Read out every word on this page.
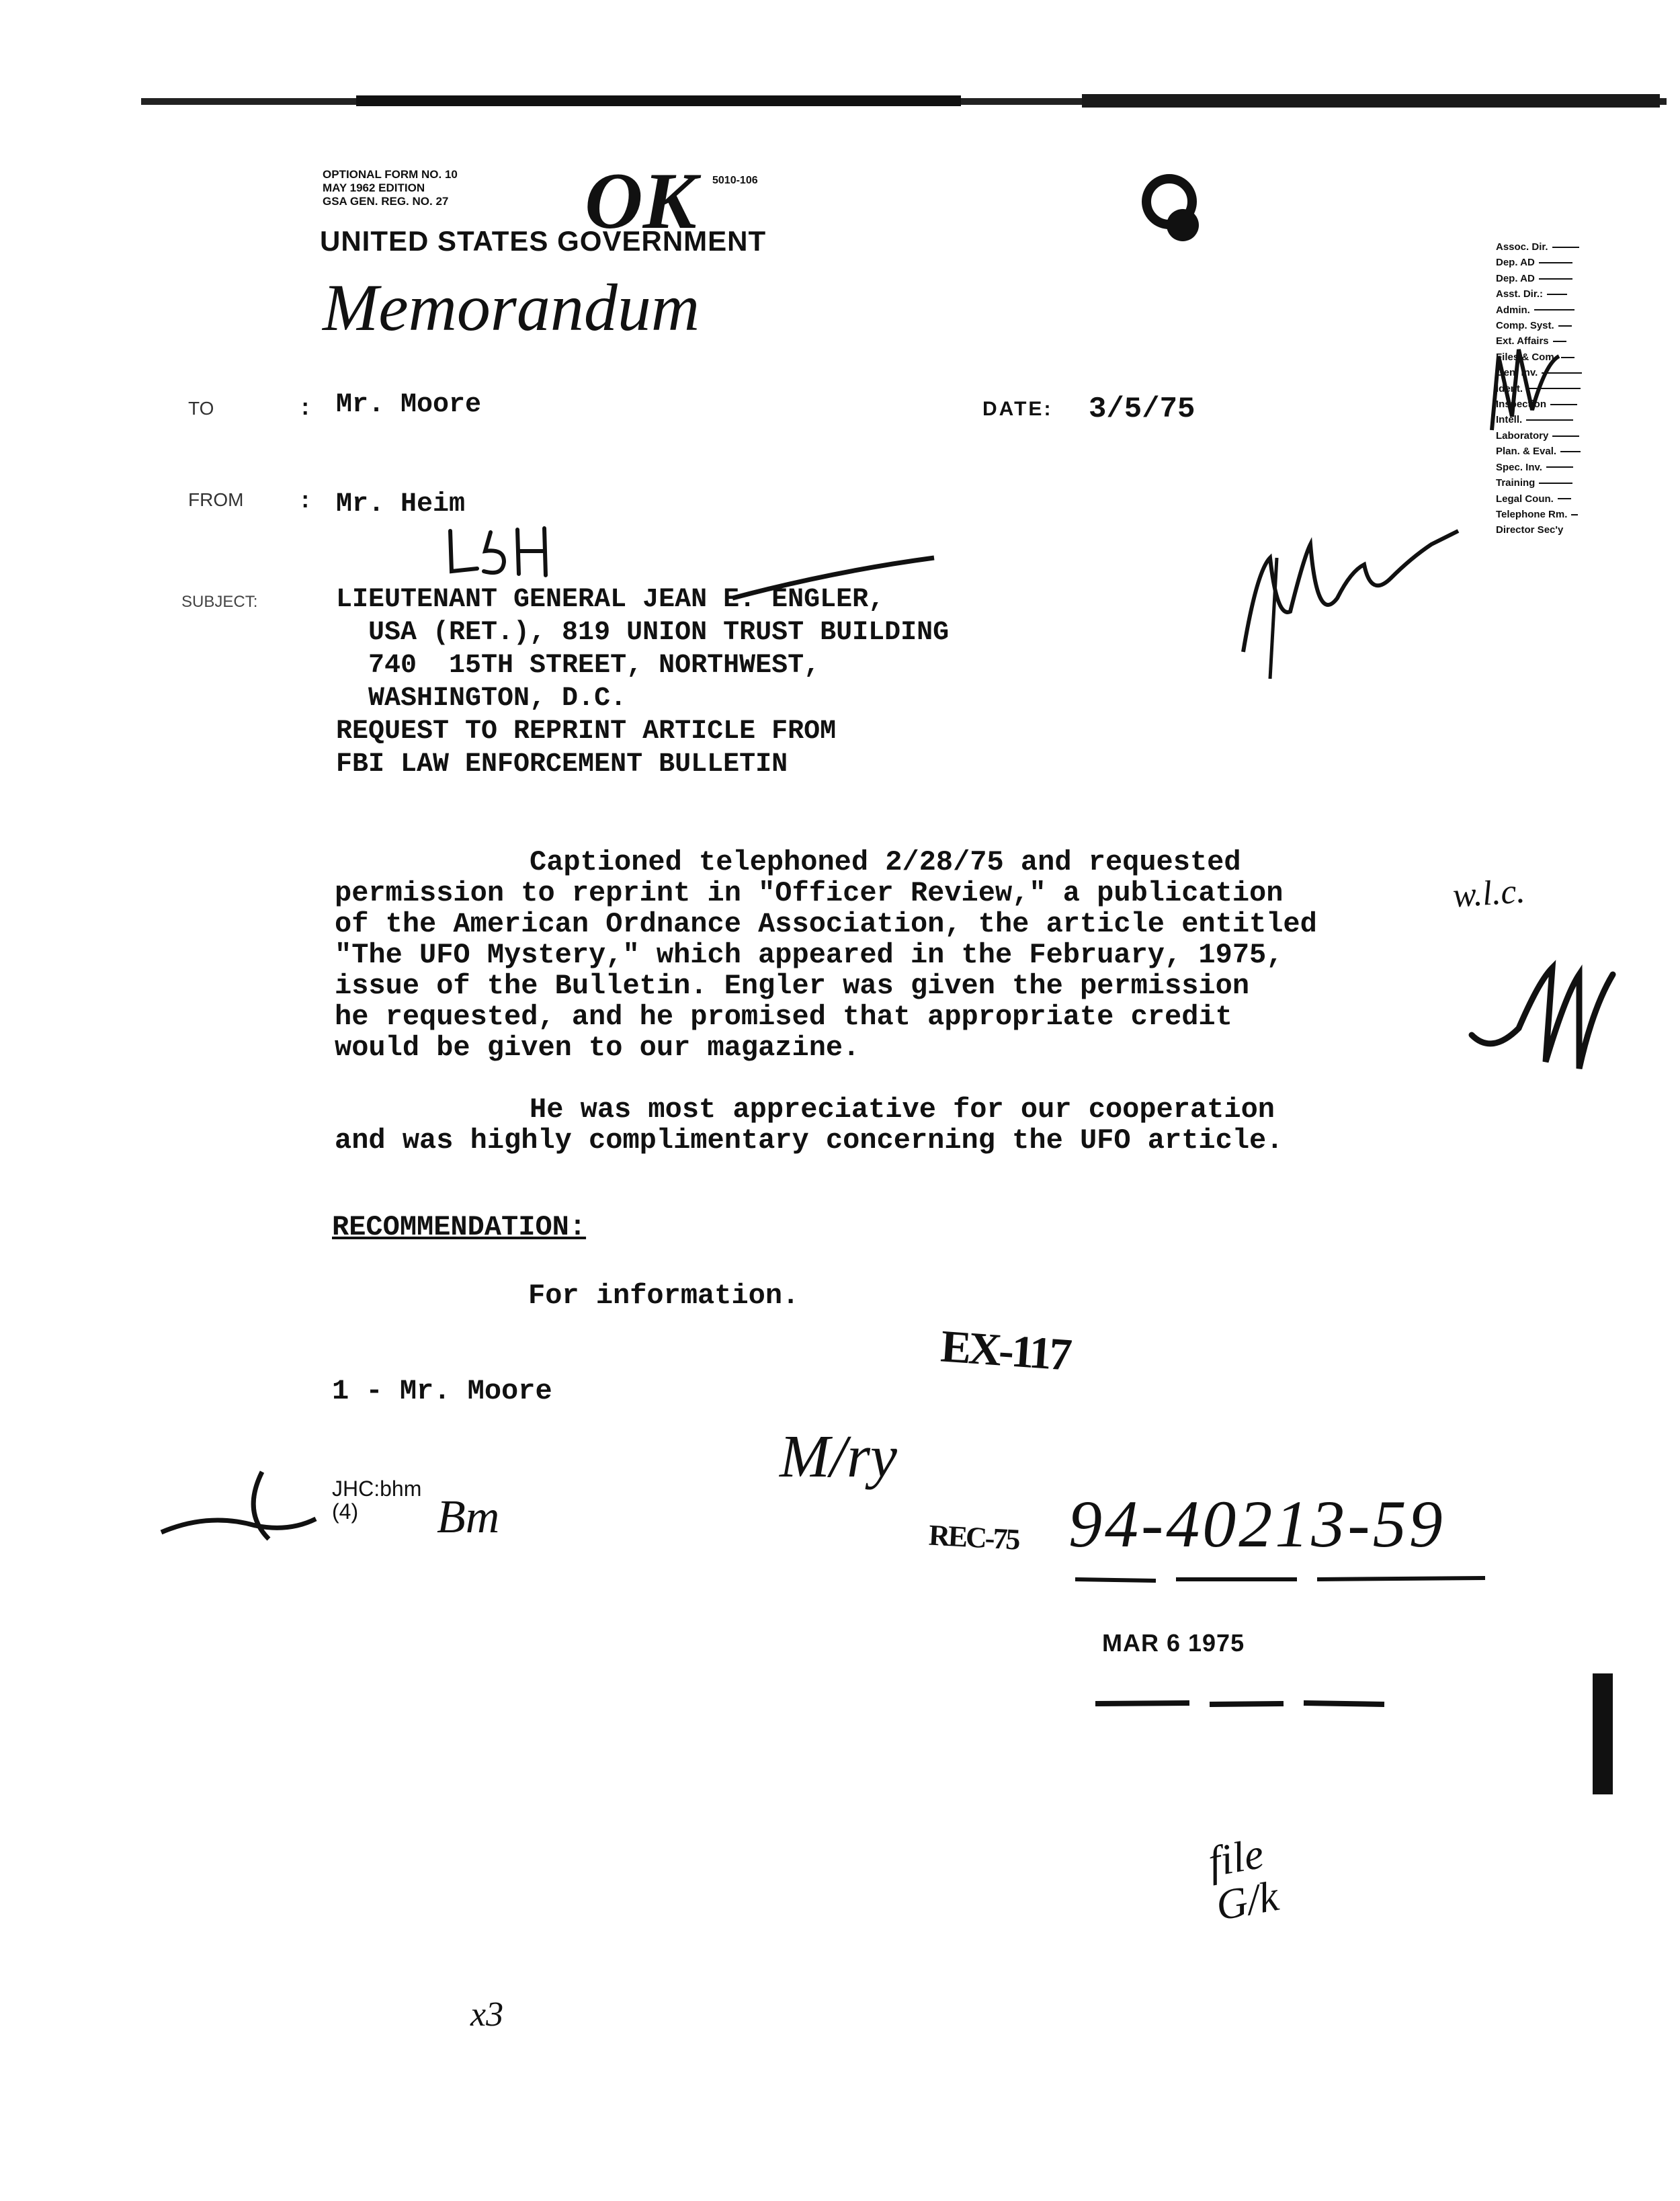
OPTIONAL FORM NO. 10
MAY 1962 EDITION
GSA GEN. REG. NO. 27
5010-106
OK
UNITED STATES GOVERNMENT
Memorandum
TO	: Mr. Moore	DATE: 3/5/75
FROM : Mr. Heim
SUBJECT:	LIEUTENANT GENERAL JEAN E. ENGLER,
USA (RET.), 819 UNION TRUST BUILDING
740  15TH STREET, NORTHWEST,
WASHINGTON, D.C.
REQUEST TO REPRINT ARTICLE FROM
FBI LAW ENFORCEMENT BULLETIN
Assoc. Dir.
Dep. AD
Dep. AD
Asst. Dir.:
Admin.
Comp. Syst.
Ext. Affairs
Files & Com.
Gen. Inv.
Ident.
Inspection
Intell.
Laboratory
Plan. & Eval.
Spec. Inv.
Training
Legal Coun.
Telephone Rm.
Director Sec'y

Captioned telephoned 2/28/75 and requested

permission to reprint in "Officer Review," a publication

of the American Ordnance Association, the article entitled

"The UFO Mystery," which appeared in the February, 1975,

issue of the Bulletin. Engler was given the permission

he requested, and he promised that appropriate credit

would be given to our magazine.

He was most appreciative for our cooperation

and was highly complimentary concerning the UFO article.

w.l.c.
RECOMMENDATION:
For information.
1 - Mr. Moore
JHC:bhm
(4)	Bm
EX-117
M/ry
REC-75 94-40213-59
MAR 6 1975
file
G/k
x3
